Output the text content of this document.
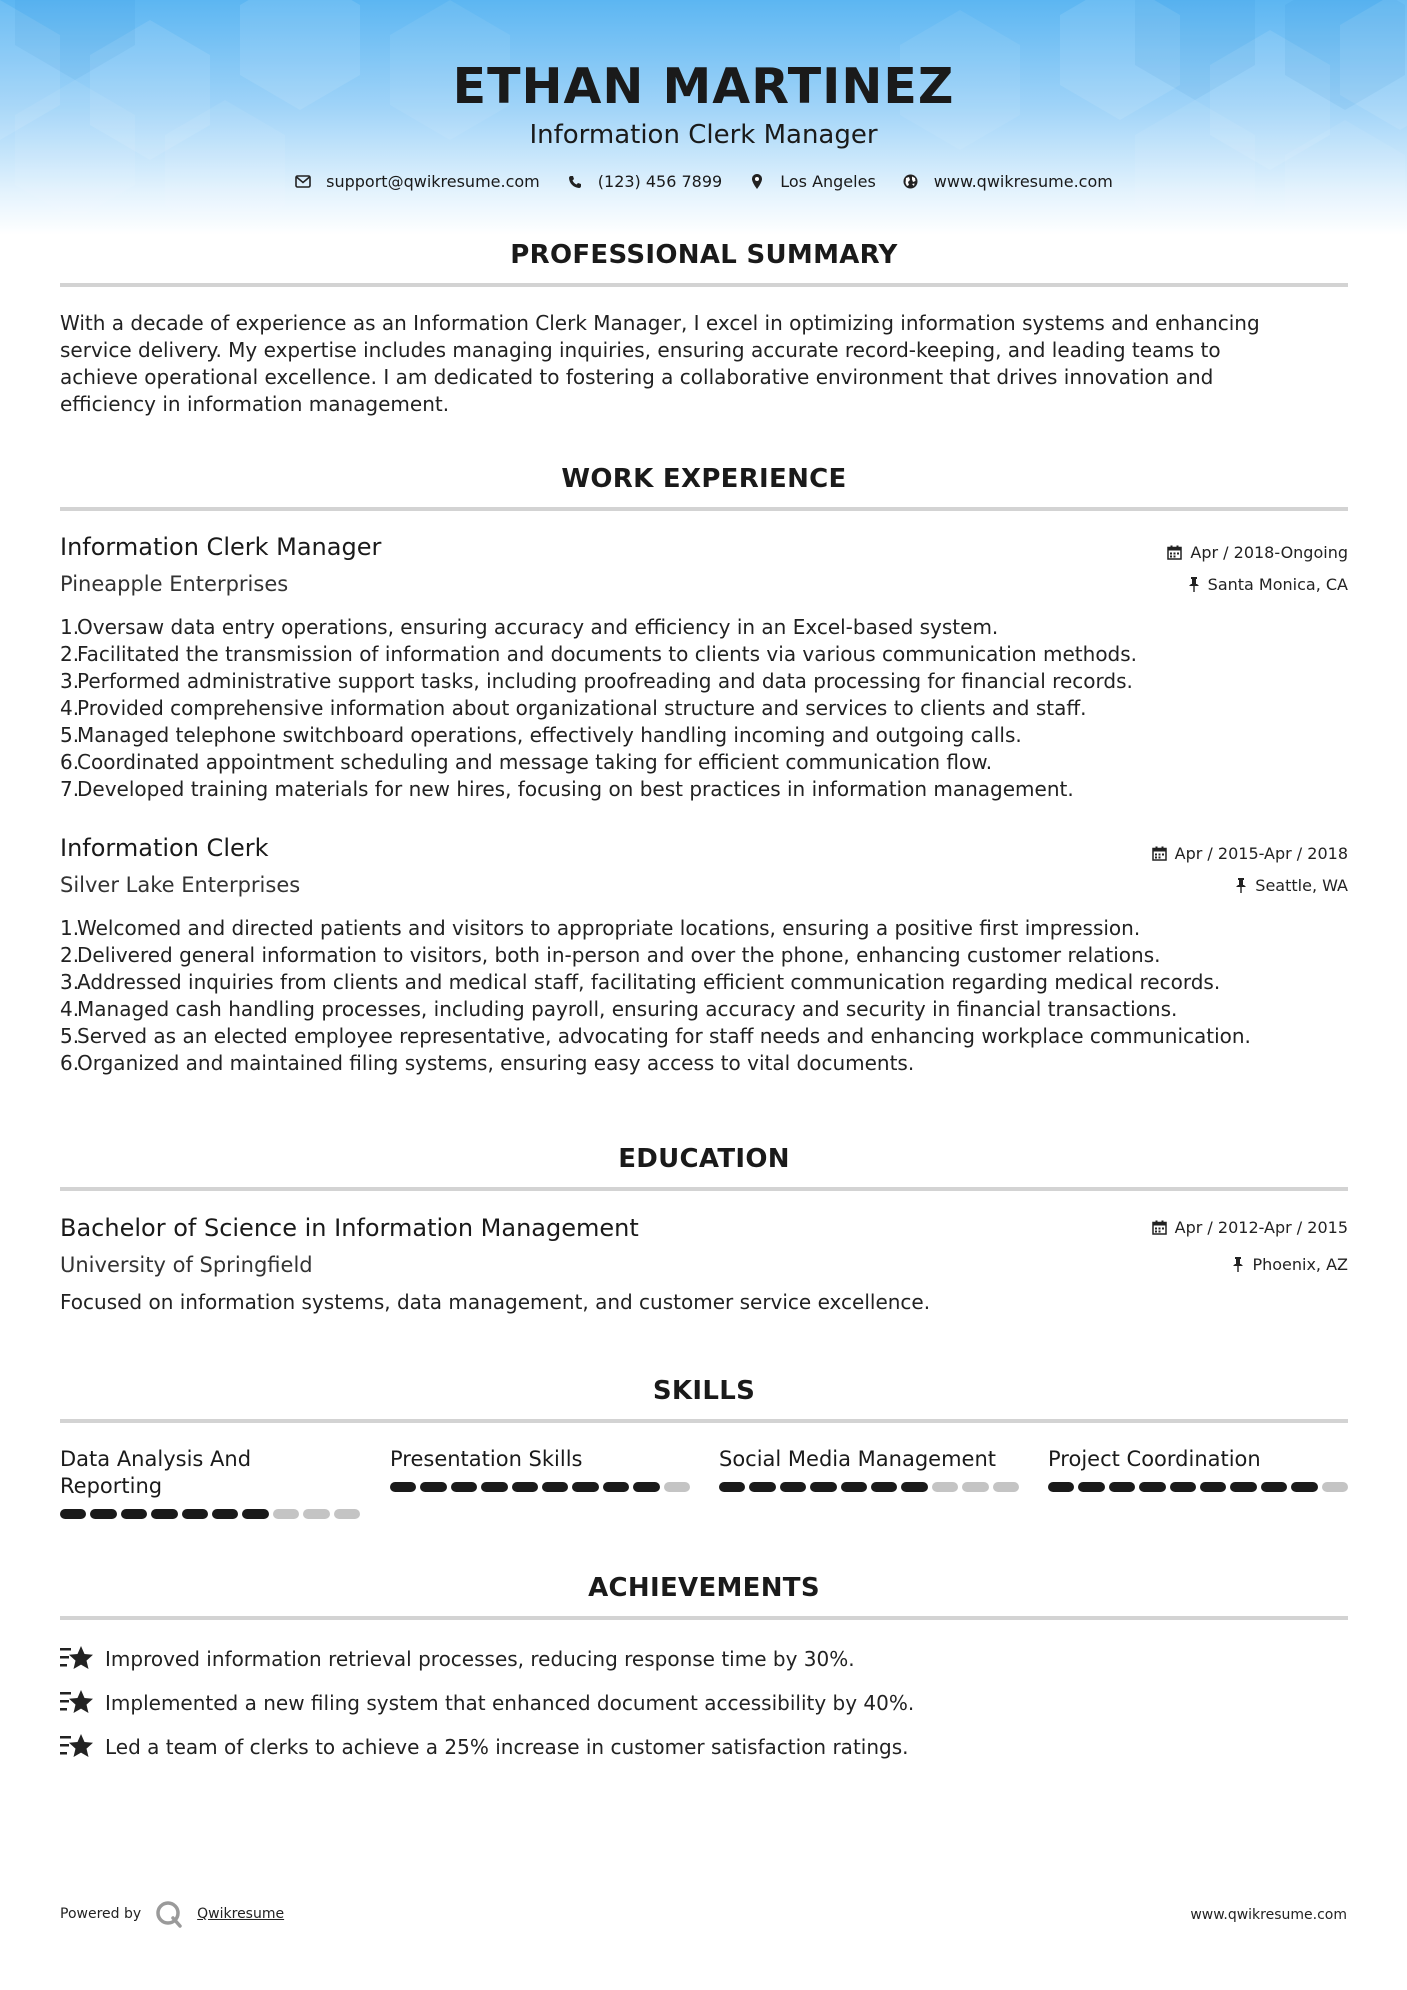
ETHAN MARTINEZ
Information Clerk Manager
support@qwikresume.com	(123) 456 7899	Los Angeles	www.qwikresume.com
PROFESSIONAL SUMMARY
With a decade of experience as an Information Clerk Manager, I excel in optimizing information systems and enhancing
service delivery. My expertise includes managing inquiries, ensuring accurate record-keeping, and leading teams to
achieve operational excellence. I am dedicated to fostering a collaborative environment that drives innovation and
efficiency in information management.
WORK EXPERIENCE
Information Clerk Manager	Apr / 2018-Ongoing
Pineapple Enterprises	Santa Monica, CA
1.
Oversaw data entry operations, ensuring accuracy and efficiency in an Excel-based system.
2.
Facilitated the transmission of information and documents to clients via various communication methods.
3.
Performed administrative support tasks, including proofreading and data processing for financial records.
4.
Provided comprehensive information about organizational structure and services to clients and staff.
5.
Managed telephone switchboard operations, effectively handling incoming and outgoing calls.
6.
Coordinated appointment scheduling and message taking for efficient communication flow.
7.
Developed training materials for new hires, focusing on best practices in information management.
Information Clerk	Apr / 2015-Apr / 2018
Silver Lake Enterprises	Seattle, WA
1.
Welcomed and directed patients and visitors to appropriate locations, ensuring a positive first impression.
2.
Delivered general information to visitors, both in-person and over the phone, enhancing customer relations.
3.
Addressed inquiries from clients and medical staff, facilitating efficient communication regarding medical records.
4.
Managed cash handling processes, including payroll, ensuring accuracy and security in financial transactions.
5.
Served as an elected employee representative, advocating for staff needs and enhancing workplace communication.
6.
Organized and maintained filing systems, ensuring easy access to vital documents.
EDUCATION
Bachelor of Science in Information Management	Apr / 2012-Apr / 2015
University of Springfield	Phoenix, AZ
Focused on information systems, data management, and customer service excellence.
SKILLS
Data Analysis And
Reporting
Presentation Skills	Social Media Management	Project Coordination
ACHIEVEMENTS
Improved information retrieval processes, reducing response time by 30%.
Implemented a new filing system that enhanced document accessibility by 40%.
Led a team of clerks to achieve a 25% increase in customer satisfaction ratings.
Powered by	Qwikresume	www.qwikresume.com
